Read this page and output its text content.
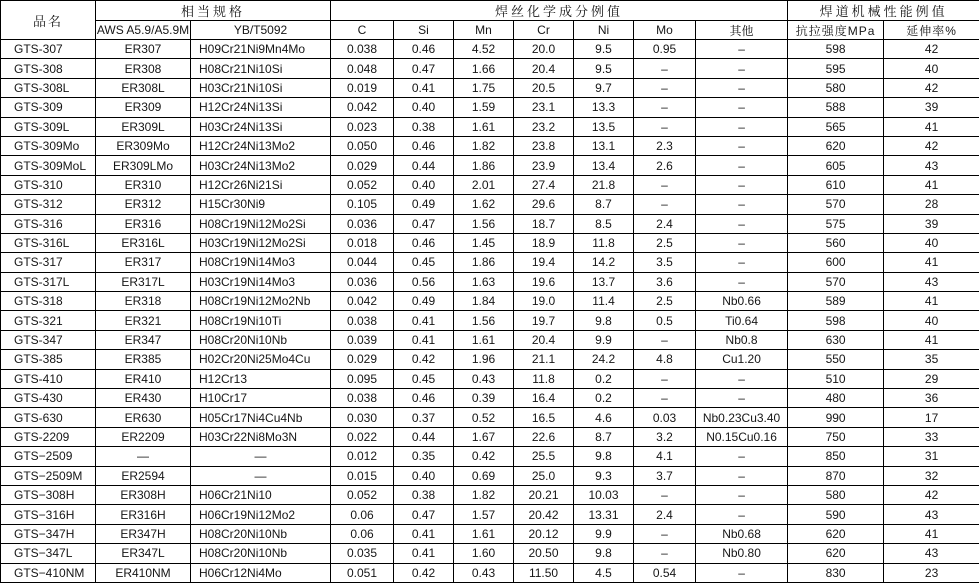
品名	相当规格		焊丝化学成分例值							焊道机械性能例值	
	AWS A5.9/A5.9M	YB/T5092	C	Si	Mn	Cr	Ni	Mo	其他	抗拉强度MPa	延伸率%
GTS-307	ER307	H09Cr21Ni9Mn4Mo	0.038	0.46	4.52	20.0	9.5	0.95	–	598	42
GTS-308	ER308	H08Cr21Ni10Si	0.048	0.47	1.66	20.4	9.5	–	–	595	40
GTS-308L	ER308L	H03Cr21Ni10Si	0.019	0.41	1.75	20.5	9.7	–	–	580	42
GTS-309	ER309	H12Cr24Ni13Si	0.042	0.40	1.59	23.1	13.3	–	–	588	39
GTS-309L	ER309L	H03Cr24Ni13Si	0.023	0.38	1.61	23.2	13.5	–	–	565	41
GTS-309Mo	ER309Mo	H12Cr24Ni13Mo2	0.050	0.46	1.82	23.8	13.1	2.3	–	620	42
GTS-309MoL	ER309LMo	H03Cr24Ni13Mo2	0.029	0.44	1.86	23.9	13.4	2.6	–	605	43
GTS-310	ER310	H12Cr26Ni21Si	0.052	0.40	2.01	27.4	21.8	–	–	610	41
GTS-312	ER312	H15Cr30Ni9	0.105	0.49	1.62	29.6	8.7	–	–	570	28
GTS-316	ER316	H08Cr19Ni12Mo2Si	0.036	0.47	1.56	18.7	8.5	2.4	–	575	39
GTS-316L	ER316L	H03Cr19Ni12Mo2Si	0.018	0.46	1.45	18.9	11.8	2.5	–	560	40
GTS-317	ER317	H08Cr19Ni14Mo3	0.044	0.45	1.86	19.4	14.2	3.5	–	600	41
GTS-317L	ER317L	H03Cr19Ni14Mo3	0.036	0.56	1.63	19.6	13.7	3.6	–	570	43
GTS-318	ER318	H08Cr19Ni12Mo2Nb	0.042	0.49	1.84	19.0	11.4	2.5	Nb0.66	589	41
GTS-321	ER321	H08Cr19Ni10Ti	0.038	0.41	1.56	19.7	9.8	0.5	Ti0.64	598	40
GTS-347	ER347	H08Cr20Ni10Nb	0.039	0.41	1.61	20.4	9.9	–	Nb0.8	630	41
GTS-385	ER385	H02Cr20Ni25Mo4Cu	0.029	0.42	1.96	21.1	24.2	4.8	Cu1.20	550	35
GTS-410	ER410	H12Cr13	0.095	0.45	0.43	11.8	0.2	–	–	510	29
GTS-430	ER430	H10Cr17	0.038	0.46	0.39	16.4	0.2	–	–	480	36
GTS-630	ER630	H05Cr17Ni4Cu4Nb	0.030	0.37	0.52	16.5	4.6	0.03	Nb0.23Cu3.40	990	17
GTS-2209	ER2209	H03Cr22Ni8Mo3N	0.022	0.44	1.67	22.6	8.7	3.2	N0.15Cu0.16	750	33
GTS−2509	—	—	0.012	0.35	0.42	25.5	9.8	4.1	–	850	31
GTS−2509M	ER2594	—	0.015	0.40	0.69	25.0	9.3	3.7	–	870	32
GTS−308H	ER308H	H06Cr21Ni10	0.052	0.38	1.82	20.21	10.03	–	–	580	42
GTS−316H	ER316H	H06Cr19Ni12Mo2	0.06	0.47	1.57	20.42	13.31	2.4	–	590	43
GTS−347H	ER347H	H08Cr20Ni10Nb	0.06	0.41	1.61	20.12	9.9	–	Nb0.68	620	41
GTS−347L	ER347L	H08Cr20Ni10Nb	0.035	0.41	1.60	20.50	9.8	–	Nb0.80	620	43
GTS−410NM	ER410NM	H06Cr12Ni4Mo	0.051	0.42	0.43	11.50	4.5	0.54	–	830	23
